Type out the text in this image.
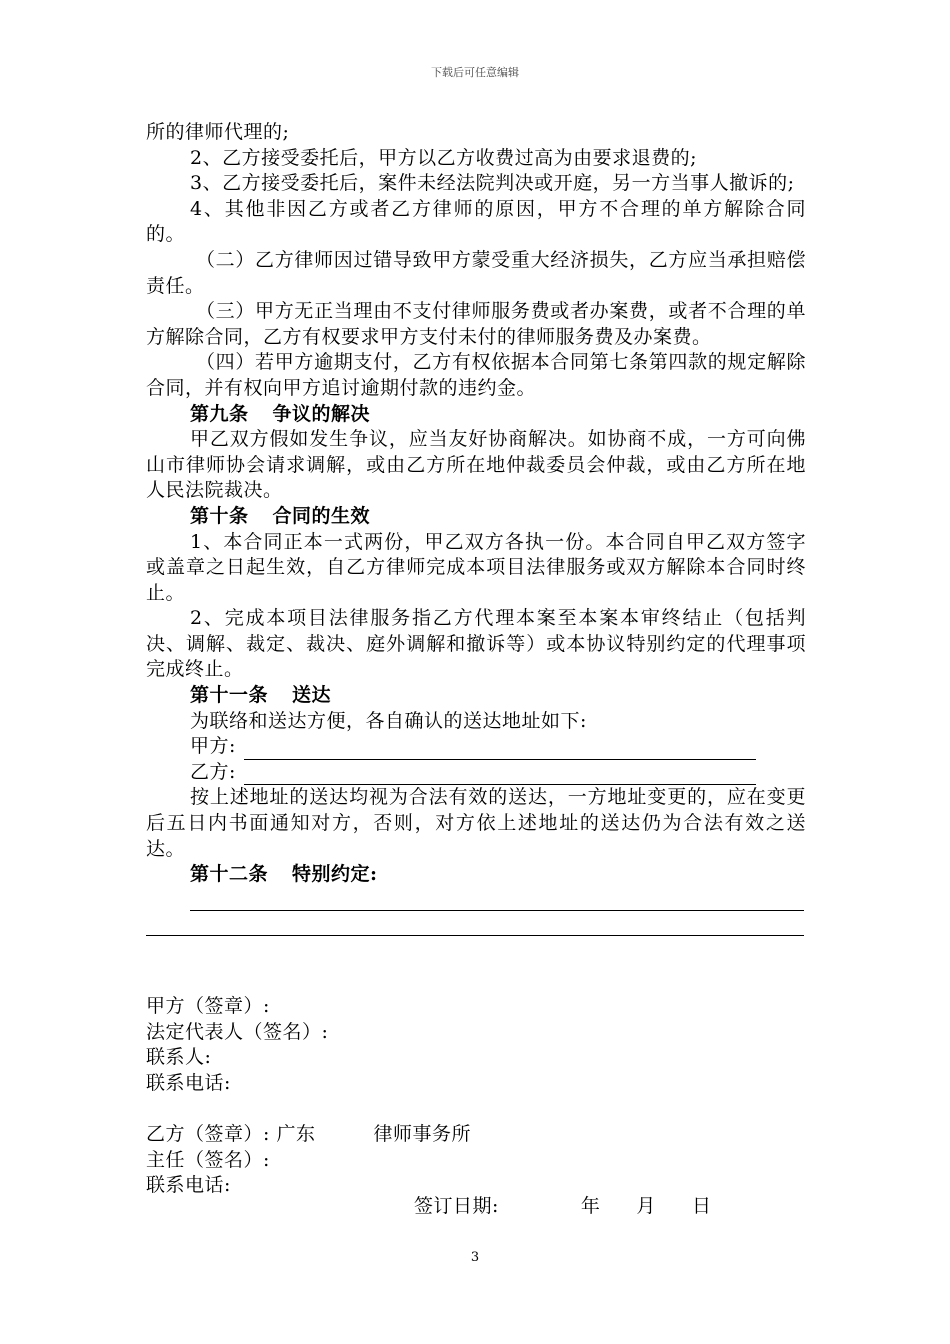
下载后可任意编辑

所的律师代理的;

2、乙方接受委托后，甲方以乙方收费过高为由要求退费的;

3、乙方接受委托后，案件未经法院判决或开庭，另一方当事人撤诉的;

4、其他非因乙方或者乙方律师的原因，甲方不合理的单方解除合同的。

（二）乙方律师因过错导致甲方蒙受重大经济损失，乙方应当承担赔偿责任。

（三）甲方无正当理由不支付律师服务费或者办案费，或者不合理的单方解除合同，乙方有权要求甲方支付未付的律师服务费及办案费。

（四）若甲方逾期支付，乙方有权依据本合同第七条第四款的规定解除合同，并有权向甲方追讨逾期付款的违约金。

第九条 争议的解决

甲乙双方假如发生争议，应当友好协商解决。如协商不成，一方可向佛山市律师协会请求调解，或由乙方所在地仲裁委员会仲裁，或由乙方所在地人民法院裁决。

第十条 合同的生效

1、本合同正本一式两份，甲乙双方各执一份。本合同自甲乙双方签字或盖章之日起生效，自乙方律师完成本项目法律服务或双方解除本合同时终止。

2、完成本项目法律服务指乙方代理本案至本案本审终结止（包括判决、调解、裁定、裁决、庭外调解和撤诉等）或本协议特别约定的代理事项完成终止。

第十一条 送达

为联络和送达方便，各自确认的送达地址如下:

甲方:
乙方:

按上述地址的送达均视为合法有效的送达，一方地址变更的，应在变更后五日内书面通知对方，否则，对方依上述地址的送达仍为合法有效之送达。

第十二条 特别约定:

甲方（签章）:

法定代表人（签名）:

联系人:

联系电话:

乙方（签章）: 广东	律师事务所

主任（签名）:

联系电话:

签订日期:	年 月 日
3
